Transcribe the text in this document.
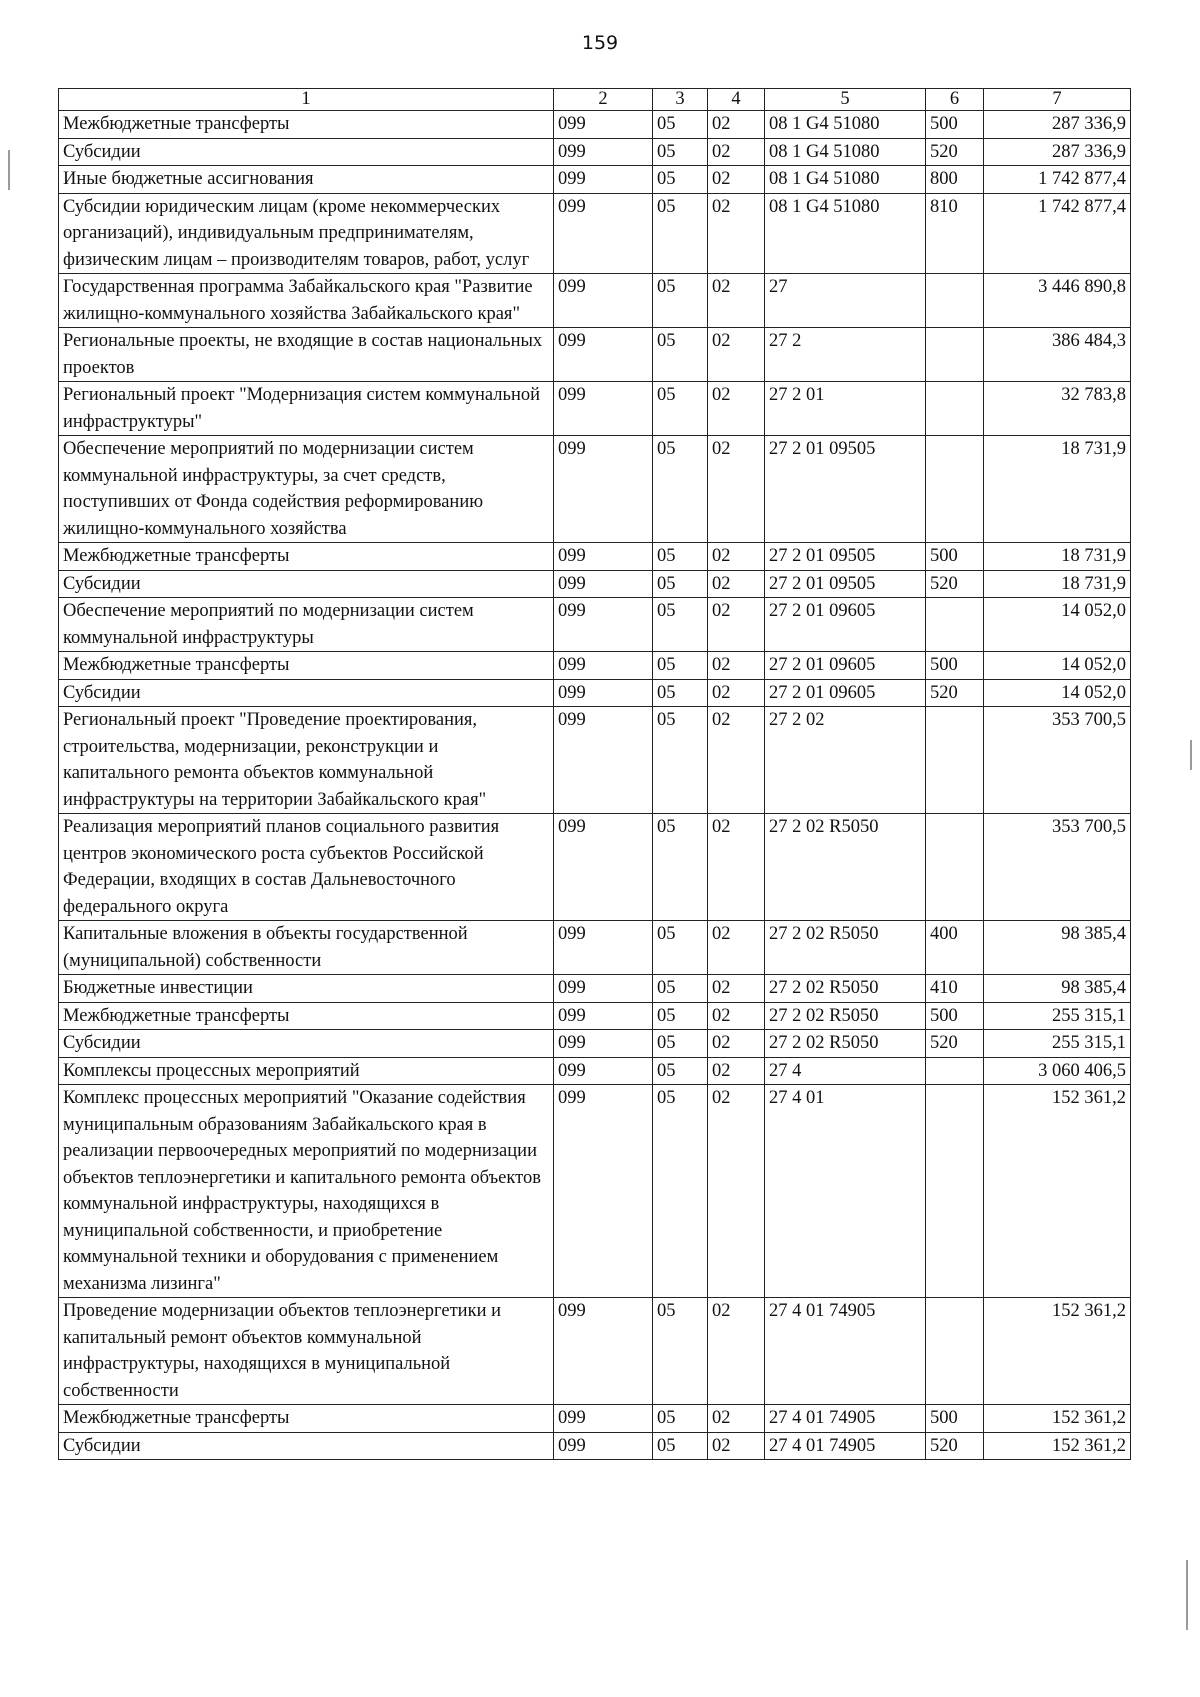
159
1	2	3	4	5	6	7
Межбюджетные трансферты	099	05	02	08 1 G4 51080	500	287 336,9
Субсидии	099	05	02	08 1 G4 51080	520	287 336,9
Иные бюджетные ассигнования	099	05	02	08 1 G4 51080	800	1 742 877,4
Субсидии юридическим лицам (кроме некоммерческих организаций), индивидуальным предпринимателям, физическим лицам – производителям товаров, работ, услуг	099	05	02	08 1 G4 51080	810	1 742 877,4
Государственная программа Забайкальского края "Развитие жилищно-коммунального хозяйства Забайкальского края"	099	05	02	27		3 446 890,8
Региональные проекты, не входящие в состав национальных проектов	099	05	02	27 2		386 484,3
Региональный проект "Модернизация систем коммунальной инфраструктуры"	099	05	02	27 2 01		32 783,8
Обеспечение мероприятий по модернизации систем коммунальной инфраструктуры, за счет средств, поступивших от Фонда содействия реформированию жилищно-коммунального хозяйства	099	05	02	27 2 01 09505		18 731,9
Межбюджетные трансферты	099	05	02	27 2 01 09505	500	18 731,9
Субсидии	099	05	02	27 2 01 09505	520	18 731,9
Обеспечение мероприятий по модернизации систем коммунальной инфраструктуры	099	05	02	27 2 01 09605		14 052,0
Межбюджетные трансферты	099	05	02	27 2 01 09605	500	14 052,0
Субсидии	099	05	02	27 2 01 09605	520	14 052,0
Региональный проект "Проведение проектирования, строительства, модернизации, реконструкции и капитального ремонта объектов коммунальной инфраструктуры на территории Забайкальского края"	099	05	02	27 2 02		353 700,5
Реализация мероприятий планов социального развития центров экономического роста субъектов Российской Федерации, входящих в состав Дальневосточного федерального округа	099	05	02	27 2 02 R5050		353 700,5
Капитальные вложения в объекты государственной (муниципальной) собственности	099	05	02	27 2 02 R5050	400	98 385,4
Бюджетные инвестиции	099	05	02	27 2 02 R5050	410	98 385,4
Межбюджетные трансферты	099	05	02	27 2 02 R5050	500	255 315,1
Субсидии	099	05	02	27 2 02 R5050	520	255 315,1
Комплексы процессных мероприятий	099	05	02	27 4		3 060 406,5
Комплекс процессных мероприятий "Оказание содействия муниципальным образованиям Забайкальского края в реализации первоочередных мероприятий по модернизации объектов теплоэнергетики и капитального ремонта объектов коммунальной инфраструктуры, находящихся в муниципальной собственности, и приобретение коммунальной техники и оборудования с применением механизма лизинга"	099	05	02	27 4 01		152 361,2
Проведение модернизации объектов теплоэнергетики и капитальный ремонт объектов коммунальной инфраструктуры, находящихся в муниципальной собственности	099	05	02	27 4 01 74905		152 361,2
Межбюджетные трансферты	099	05	02	27 4 01 74905	500	152 361,2
Субсидии	099	05	02	27 4 01 74905	520	152 361,2
